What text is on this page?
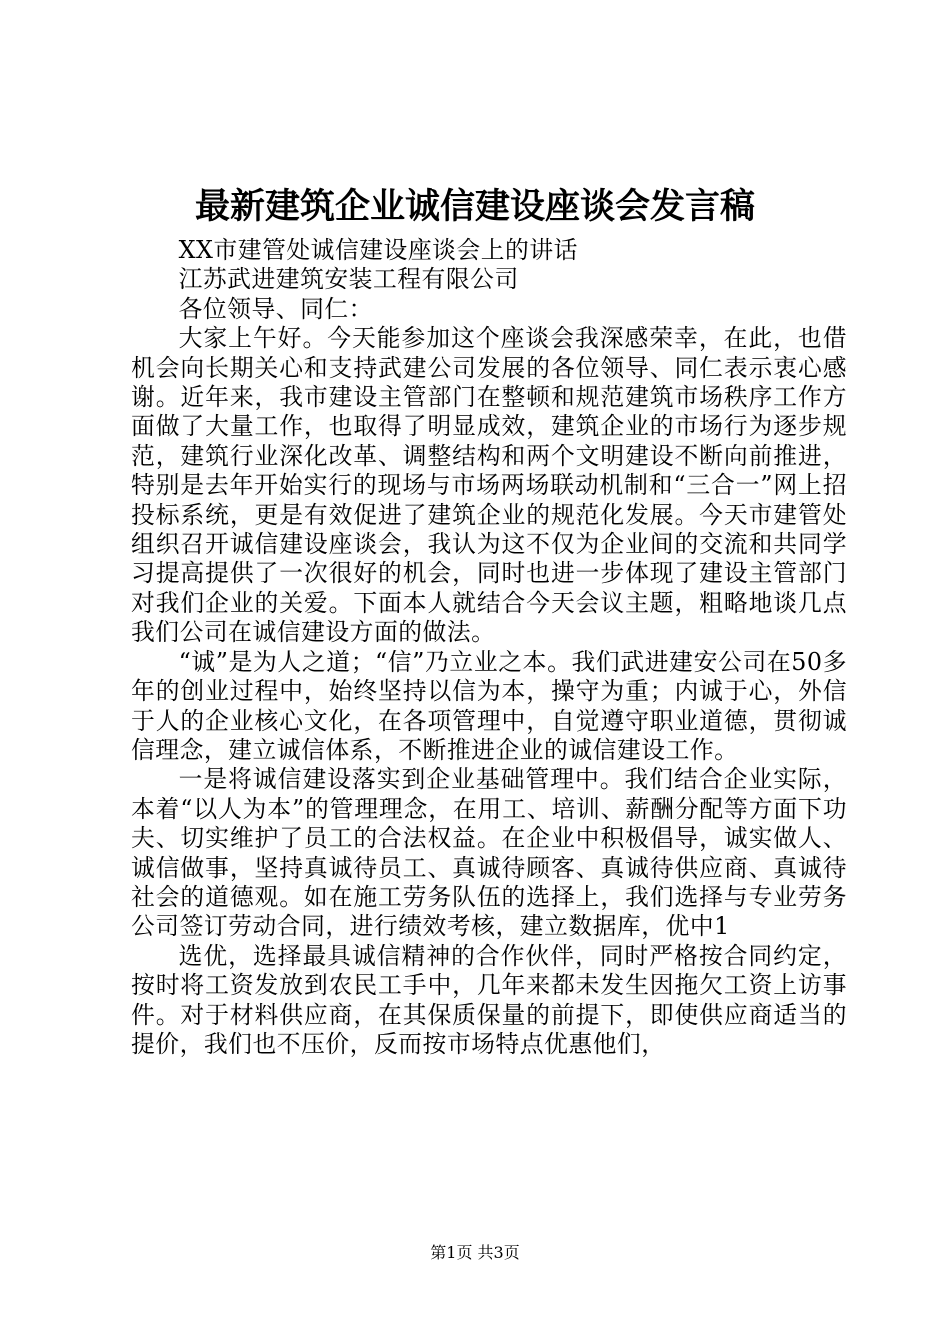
最新建筑企业诚信建设座谈会发言稿

XX市建管处诚信建设座谈会上的讲话

江苏武进建筑安装工程有限公司

各位领导、同仁：

大家上午好。今天能参加这个座谈会我深感荣幸，在此，也借机会向长期关心和支持武建公司发展的各位领导、同仁表示衷心感谢。近年来，我市建设主管部门在整顿和规范建筑市场秩序工作方面做了大量工作，也取得了明显成效，建筑企业的市场行为逐步规范，建筑行业深化改革、调整结构和两个文明建设不断向前推进，特别是去年开始实行的现场与市场两场联动机制和“三合一”网上招投标系统，更是有效促进了建筑企业的规范化发展。今天市建管处组织召开诚信建设座谈会，我认为这不仅为企业间的交流和共同学习提高提供了一次很好的机会，同时也进一步体现了建设主管部门对我们企业的关爱。下面本人就结合今天会议主题，粗略地谈几点我们公司在诚信建设方面的做法。

“诚”是为人之道；“信”乃立业之本。我们武进建安公司在50多年的创业过程中，始终坚持以信为本，操守为重；内诚于心，外信于人的企业核心文化，在各项管理中，自觉遵守职业道德，贯彻诚信理念，建立诚信体系，不断推进企业的诚信建设工作。

一是将诚信建设落实到企业基础管理中。我们结合企业实际，本着“以人为本”的管理理念，在用工、培训、薪酬分配等方面下功夫、切实维护了员工的合法权益。在企业中积极倡导，诚实做人、诚信做事，坚持真诚待员工、真诚待顾客、真诚待供应商、真诚待社会的道德观。如在施工劳务队伍的选择上，我们选择与专业劳务公司签订劳动合同，进行绩效考核，建立数据库，优中1

选优，选择最具诚信精神的合作伙伴，同时严格按合同约定，按时将工资发放到农民工手中，几年来都未发生因拖欠工资上访事件。对于材料供应商，在其保质保量的前提下，即使供应商适当的提价，我们也不压价，反而按市场特点优惠他们，

第1页 共3页
